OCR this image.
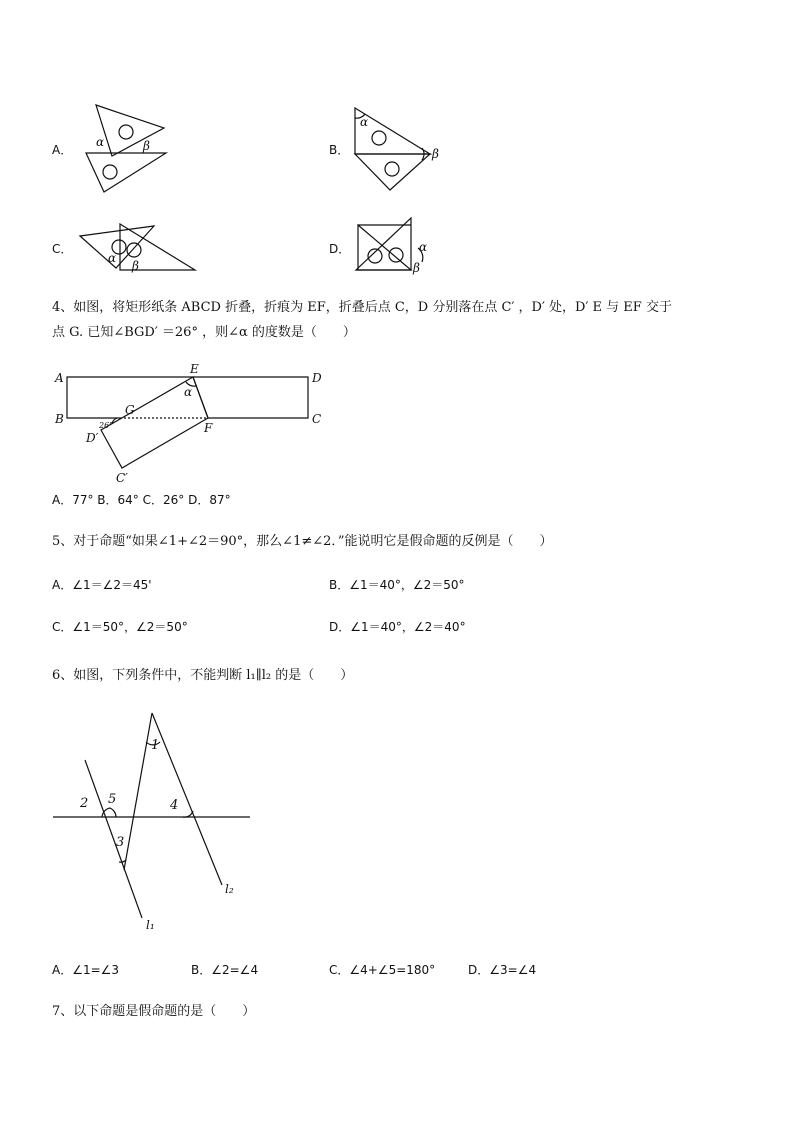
A．
α	β	B．
α
β
C．
α
β
D．	α
β
4、如图，将矩形纸条 ABCD 折叠，折痕为 EF，折叠后点 C，D 分别落在点 C′ ，D′ 处，D′ E 与 EF 交于
点 G. 已知∠BGD′ ＝26° ，则∠α 的度数是（　　）
A
B
D
C
E
F
G
D′
C′
α
26°
A．77° B．64° C．26° D．87°
5、对于命题“如果∠1+∠2＝90°，那么∠1≠∠2．”能说明它是假命题的反例是（　　）
A．∠1＝∠2＝45'	B．∠1＝40°，∠2＝50°
C．∠1＝50°，∠2＝50°	D．∠1＝40°，∠2＝40°
6、如图，下列条件中，不能判断 l₁∥l₂ 的是（　　）
2 5	4
1
3
l₁
l₂
A．∠1=∠3	B．∠2=∠4	C．∠4+∠5=180°	D．∠3=∠4
7、以下命题是假命题的是（　　）
